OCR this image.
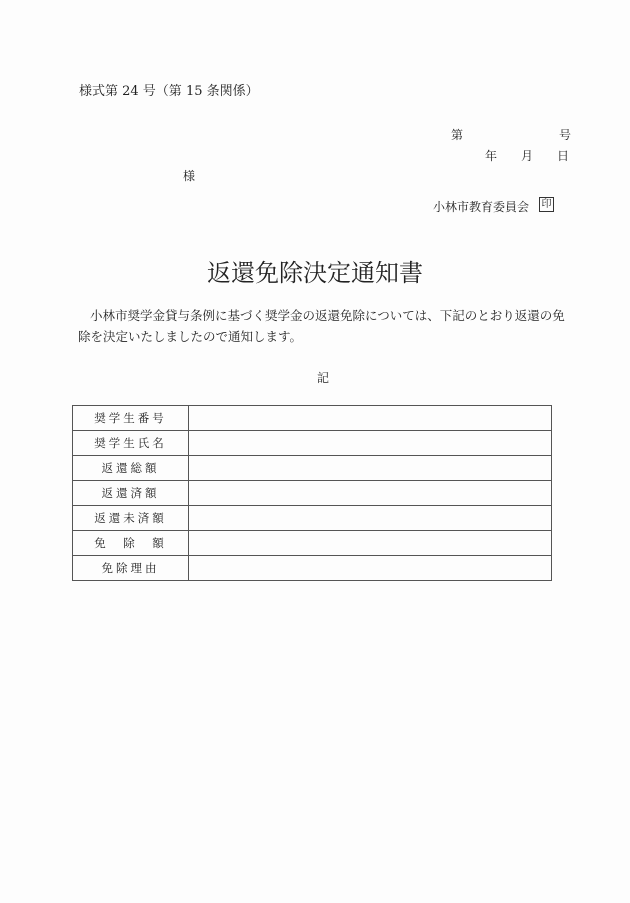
様式第 24 号（第 15 条関係）
第	号
年 月 日
様
小林市教育委員会 印
返還免除決定通知書
小林市奨学金貸与条例に基づく奨学金の返還免除については、下記のとおり返還の免除を決定いたしましたので通知します。
記
奨学生番号	
奨学生氏名	
返還総額	
返還済額	
返還未済額	
免　除　額	
免除理由	
